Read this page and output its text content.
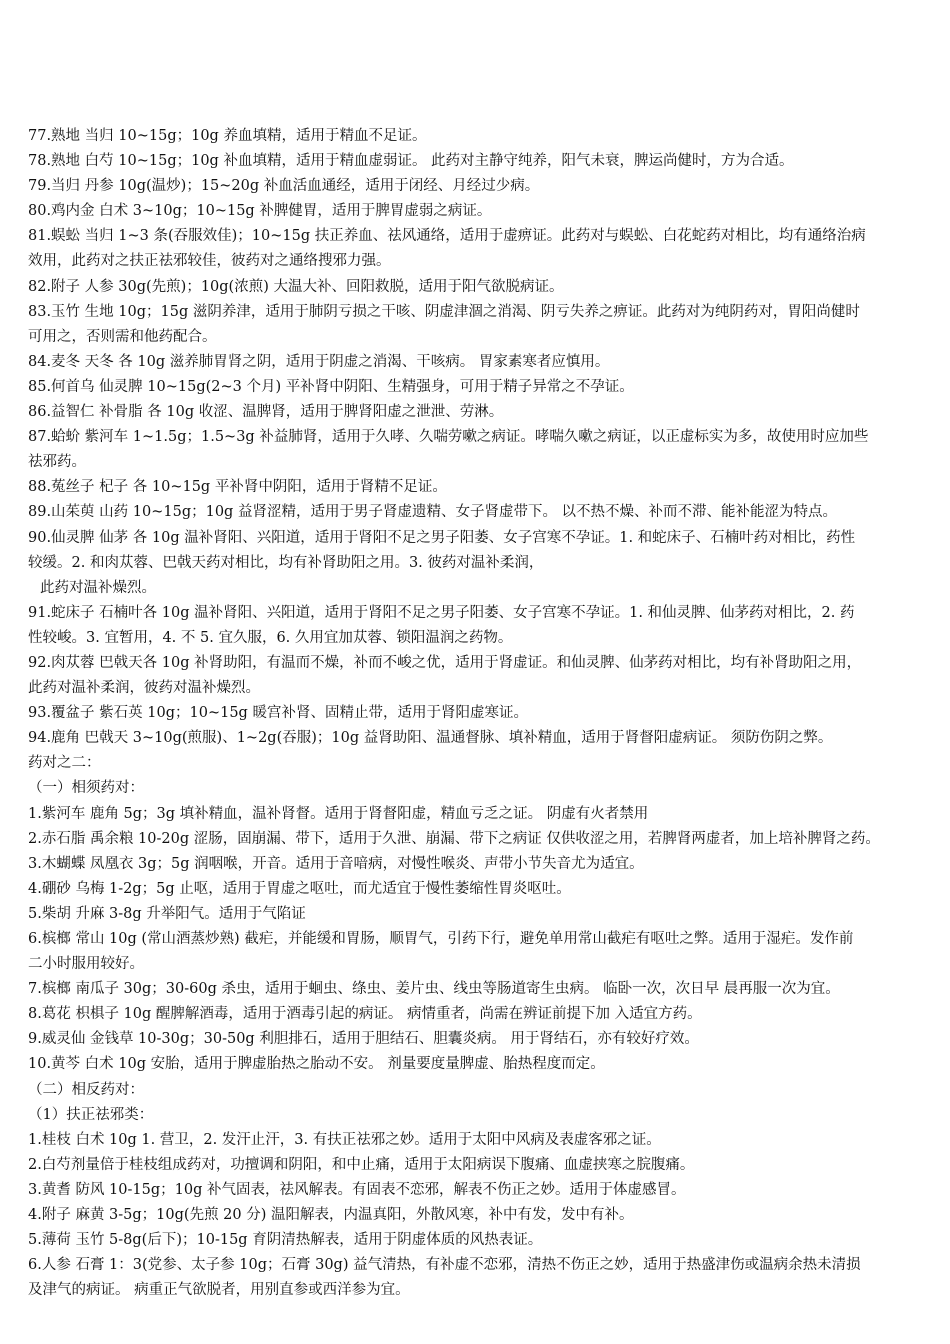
77.熟地 当归 10~15g；10g 养血填精，适用于精血不足证。
78.熟地 白芍 10~15g；10g 补血填精，适用于精血虚弱证。 此药对主静守纯养，阳气未衰，脾运尚健时，方为合适。
79.当归 丹参 10g(温炒)；15~20g 补血活血通经，适用于闭经、月经过少病。
80.鸡内金 白术 3~10g；10~15g 补脾健胃，适用于脾胃虚弱之病证。
81.蜈蚣 当归 1~3 条(吞服效佳)；10~15g 扶正养血、祛风通络，适用于虚痹证。此药对与蜈蚣、白花蛇药对相比，均有通络治病
效用，此药对之扶正祛邪较佳，彼药对之通络搜邪力强。
82.附子 人参 30g(先煎)；10g(浓煎) 大温大补、回阳救脱，适用于阳气欲脱病证。
83.玉竹 生地 10g；15g 滋阴养津，适用于肺阴亏损之干咳、阴虚津涸之消渴、阴亏失养之痹证。此药对为纯阴药对，胃阳尚健时
可用之，否则需和他药配合。
84.麦冬 天冬 各 10g 滋养肺胃肾之阴，适用于阴虚之消渴、干咳病。 胃家素寒者应慎用。
85.何首乌 仙灵脾 10~15g(2~3 个月) 平补肾中阴阳、生精强身，可用于精子异常之不孕证。
86.益智仁 补骨脂 各 10g 收涩、温脾肾，适用于脾肾阳虚之泄泄、劳淋。
87.蛤蚧 紫河车 1~1.5g；1.5~3g 补益肺肾，适用于久哮、久喘劳嗽之病证。哮喘久嗽之病证，以正虚标实为多，故使用时应加些
祛邪药。
88.菟丝子 杞子 各 10~15g 平补肾中阴阳，适用于肾精不足证。
89.山茱萸 山药 10~15g；10g 益肾涩精，适用于男子肾虚遗精、女子肾虚带下。 以不热不燥、补而不滞、能补能涩为特点。
90.仙灵脾 仙茅 各 10g 温补肾阳、兴阳道，适用于肾阳不足之男子阳萎、女子宫寒不孕证。1. 和蛇床子、石楠叶药对相比，药性
较缓。2. 和肉苁蓉、巴戟天药对相比，均有补肾助阳之用。3. 彼药对温补柔润，
此药对温补燥烈。
91.蛇床子 石楠叶各 10g 温补肾阳、兴阳道，适用于肾阳不足之男子阳萎、女子宫寒不孕证。1. 和仙灵脾、仙茅药对相比，2. 药
性较峻。3. 宜暂用，4. 不 5. 宜久服，6. 久用宜加苁蓉、锁阳温润之药物。
92.肉苁蓉 巴戟天各 10g 补肾助阳，有温而不燥，补而不峻之优，适用于肾虚证。和仙灵脾、仙茅药对相比，均有补肾助阳之用，
此药对温补柔润，彼药对温补燥烈。
93.覆盆子 紫石英 10g；10~15g 暖宫补肾、固精止带，适用于肾阳虚寒证。
94.鹿角 巴戟天 3~10g(煎服)、1~2g(吞服)；10g 益肾助阳、温通督脉、填补精血，适用于肾督阳虚病证。 须防伤阴之弊。
药对之二：
（一）相须药对：
1.紫河车 鹿角 5g；3g 填补精血，温补肾督。适用于肾督阳虚，精血亏乏之证。 阴虚有火者禁用
2.赤石脂 禹余粮 10-20g 涩肠，固崩漏、带下，适用于久泄、崩漏、带下之病证 仅供收涩之用，若脾肾两虚者，加上培补脾肾之药。
3.木蝴蝶 凤凰衣 3g；5g 润咽喉，开音。适用于音喑病，对慢性喉炎、声带小节失音尤为适宜。
4.硼砂 乌梅 1-2g；5g 止呕，适用于胃虚之呕吐，而尤适宜于慢性萎缩性胃炎呕吐。
5.柴胡 升麻 3-8g 升举阳气。适用于气陷证
6.槟榔 常山 10g (常山酒蒸炒熟) 截疟，并能缓和胃肠，顺胃气，引药下行，避免单用常山截疟有呕吐之弊。适用于湿疟。发作前
二小时服用较好。
7.槟榔 南瓜子 30g；30-60g 杀虫，适用于蛔虫、绦虫、姜片虫、线虫等肠道寄生虫病。 临卧一次，次日早 晨再服一次为宜。
8.葛花 枳椇子 10g 醒脾解酒毒，适用于酒毒引起的病证。 病情重者，尚需在辨证前提下加 入适宜方药。
9.威灵仙 金钱草 10-30g；30-50g 利胆排石，适用于胆结石、胆囊炎病。 用于肾结石，亦有较好疗效。
10.黄芩 白术 10g 安胎，适用于脾虚胎热之胎动不安。 剂量要度量脾虚、胎热程度而定。
（二）相反药对：
（1）扶正祛邪类：
1.桂枝 白术 10g 1. 营卫，2. 发汗止汗，3. 有扶正祛邪之妙。适用于太阳中风病及表虚客邪之证。
2.白芍剂量倍于桂枝组成药对，功擅调和阴阳，和中止痛，适用于太阳病误下腹痛、血虚挟寒之脘腹痛。
3.黄耆 防风 10-15g；10g 补气固表，祛风解表。有固表不恋邪，解表不伤正之妙。适用于体虚感冒。
4.附子 麻黄 3-5g；10g(先煎 20 分) 温阳解表，内温真阳，外散风寒，补中有发，发中有补。
5.薄荷 玉竹 5-8g(后下)；10-15g 育阴清热解表，适用于阴虚体质的风热表证。
6.人参 石膏 1：3(党参、太子参 10g；石膏 30g) 益气清热，有补虚不恋邪，清热不伤正之妙，适用于热盛津伤或温病余热未清损
及津气的病证。 病重正气欲脱者，用别直参或西洋参为宜。
